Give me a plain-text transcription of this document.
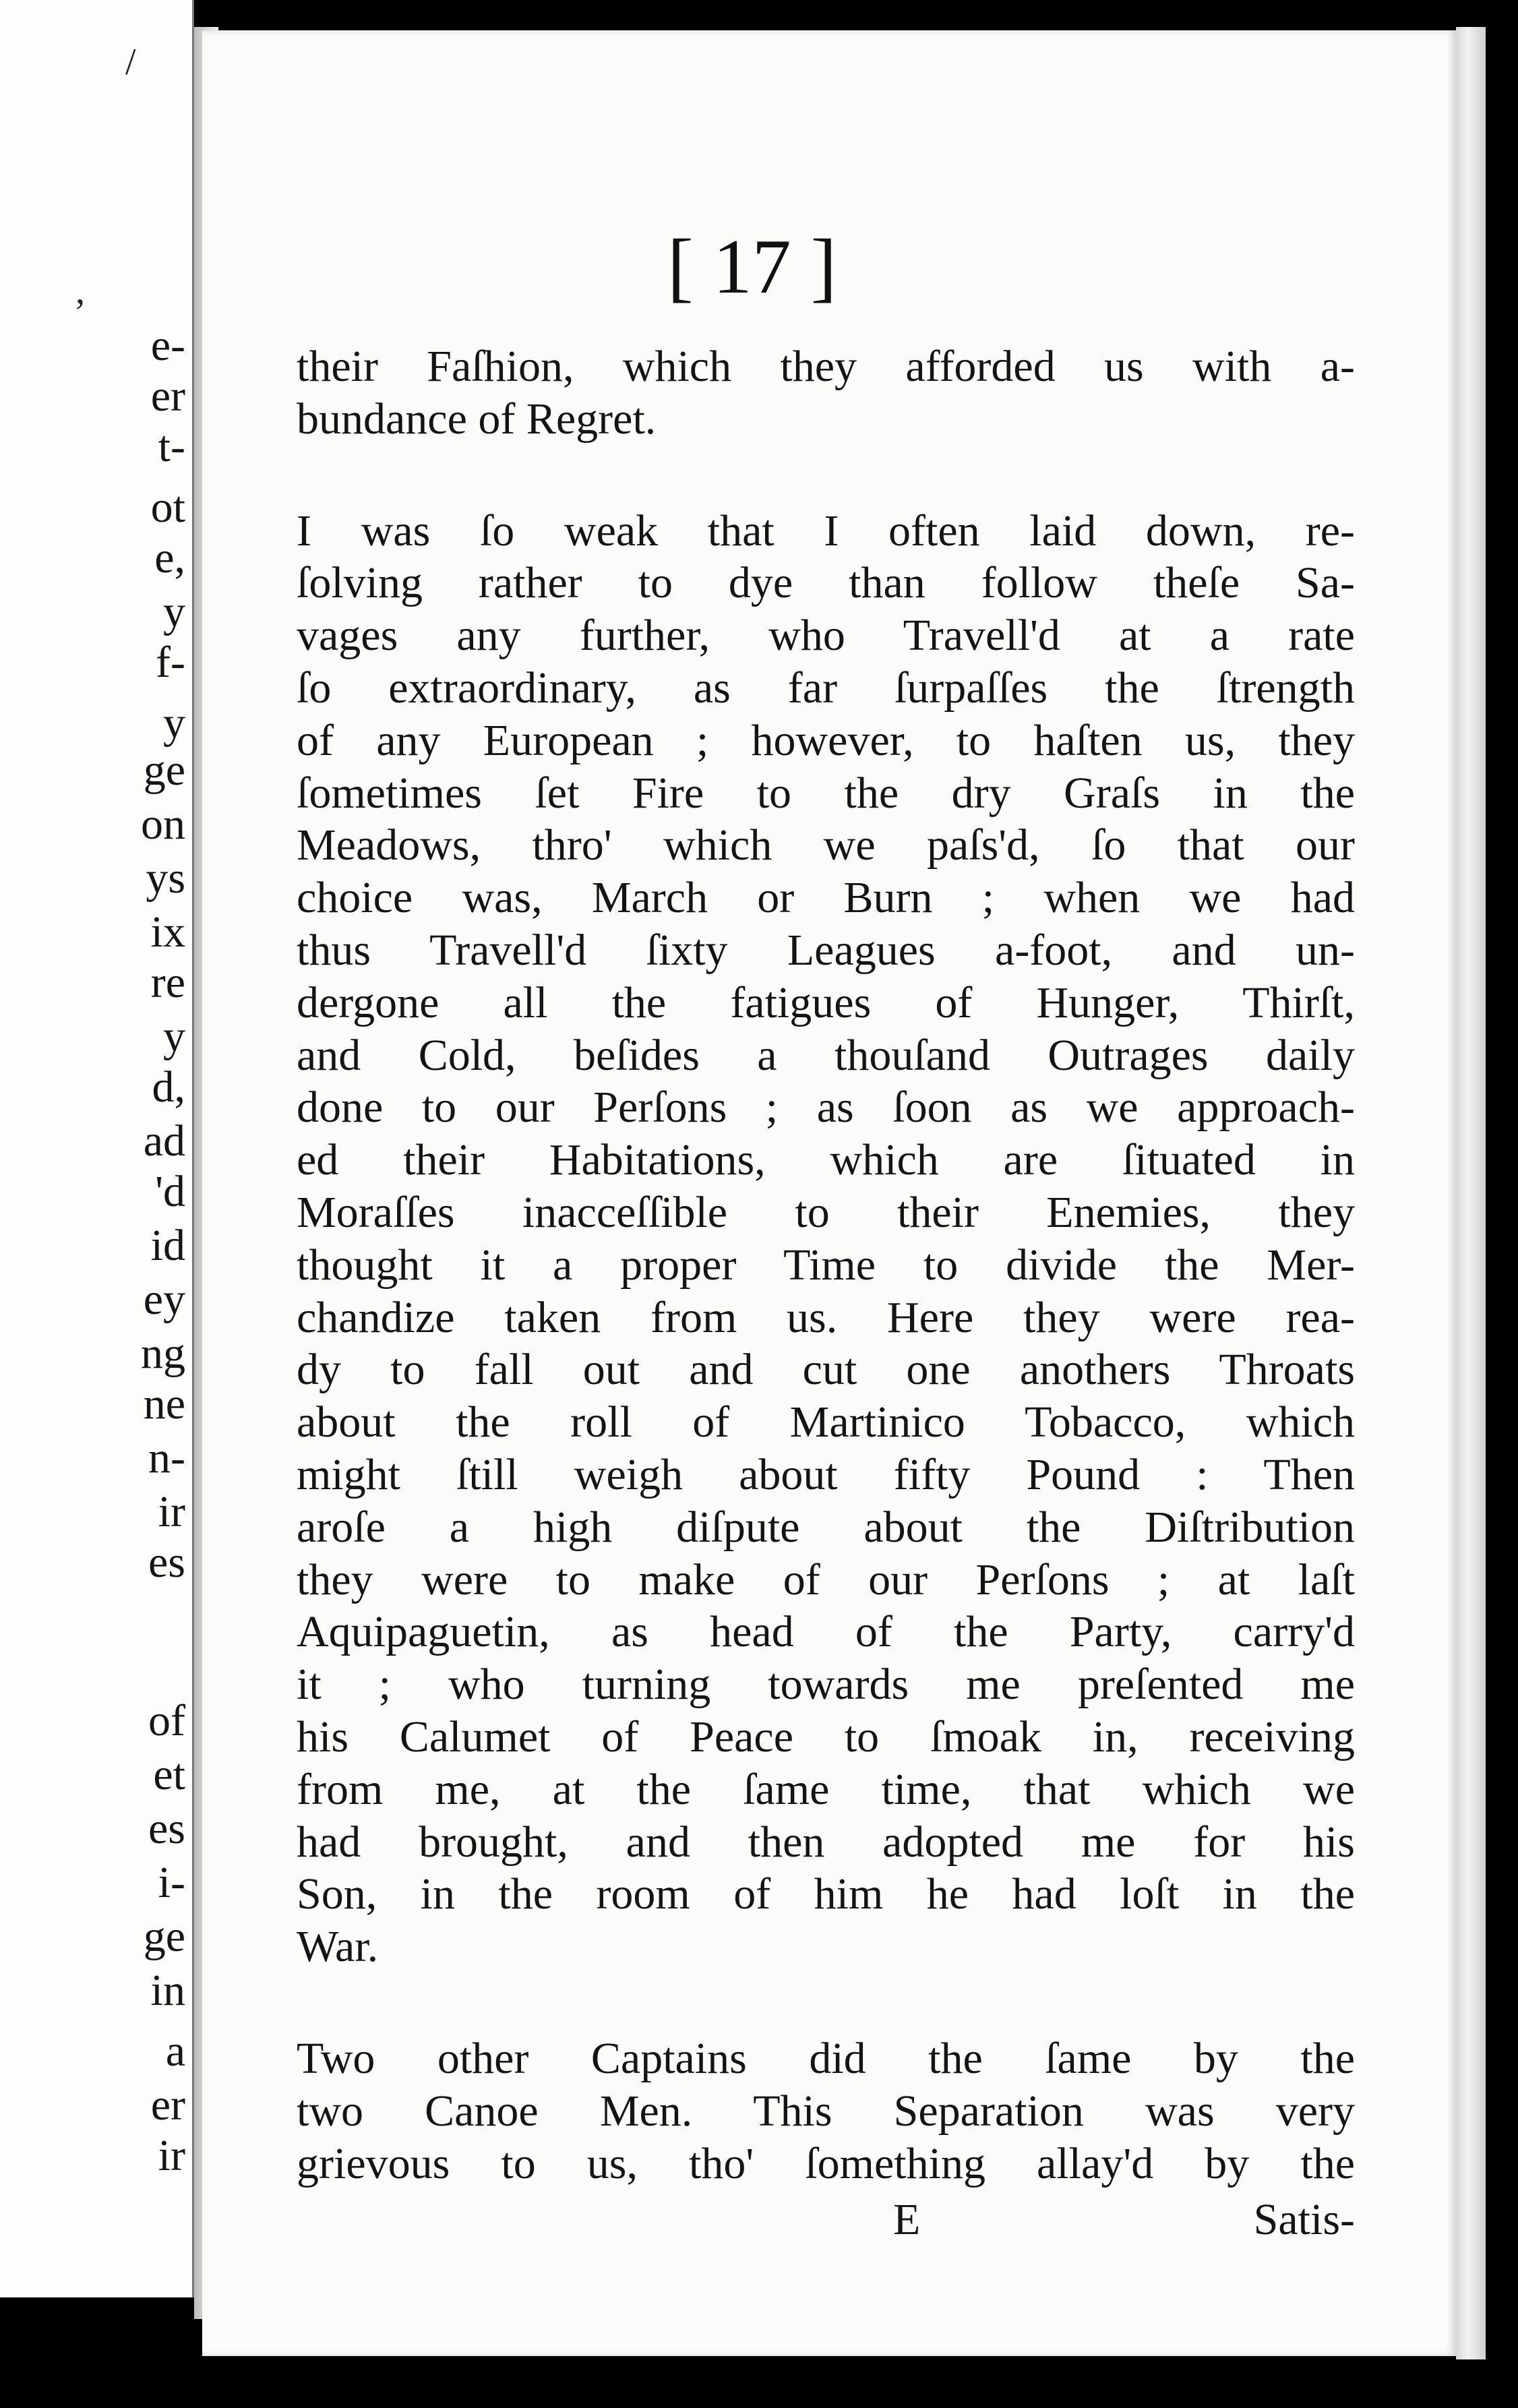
/
,
e-
er
t-
ot
e,
y
f-
y
ge
on
ys
ix
re
y
d,
ad
'd
id
ey
ng
ne
n-
ir
es
of
et
es
i-
ge
in
a
er
ir
[ 17 ]
their Faſhion, which they afforded us with a-
bundance of Regret.
I was ſo weak that I often laid down, re-
ſolving rather to dye than follow theſe Sa-
vages any further, who Travell'd at a rate
ſo extraordinary, as far ſurpaſſes the ſtrength
of any European ; however, to haſten us, they
ſometimes ſet Fire to the dry Graſs in the
Meadows, thro' which we paſs'd, ſo that our
choice was, March or Burn ; when we had
thus Travell'd ſixty Leagues a-foot, and un-
dergone all the fatigues of Hunger, Thirſt,
and Cold, beſides a thouſand Outrages daily
done to our Perſons ; as ſoon as we approach-
ed their Habitations, which are ſituated in
Moraſſes inacceſſible to their Enemies, they
thought it a proper Time to divide the Mer-
chandize taken from us. Here they were rea-
dy to fall out and cut one anothers Throats
about the roll of Martinico Tobacco, which
might ſtill weigh about fifty Pound : Then
aroſe a high diſpute about the Diſtribution
they were to make of our Perſons ; at laſt
Aquipaguetin, as head of the Party, carry'd
it ; who turning towards me preſented me
his Calumet of Peace to ſmoak in, receiving
from me, at the ſame time, that which we
had brought, and then adopted me for his
Son, in the room of him he had loſt in the
War.
Two other Captains did the ſame by the
two Canoe Men. This Separation was very
grievous to us, tho' ſomething allay'd by the
E	Satis-
